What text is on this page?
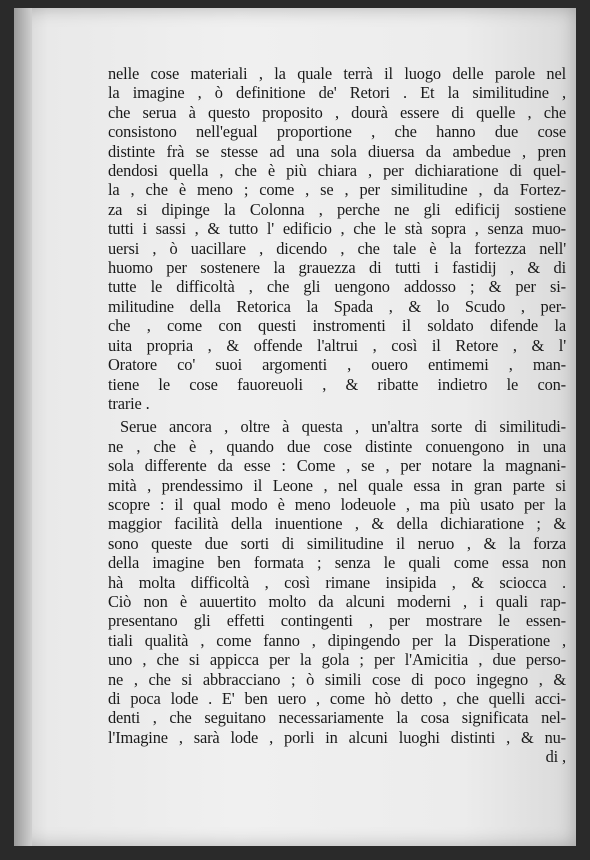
nelle cose materiali , la quale terrà il luogo delle parole nel
la imagine , ò definitione de' Retori . Et la similitudine ,
che serua à questo proposito , dourà essere di quelle , che
consistono nell'egual proportione , che hanno due cose
distinte frà se stesse ad una sola diuersa da ambedue , pren
dendosi quella , che è più chiara , per dichiaratione di quel-
la , che è meno ; come , se , per similitudine , da Fortez-
za si dipinge la Colonna , perche ne gli edificij sostiene
tutti i sassi , & tutto l' edificio , che le stà sopra , senza muo-
uersi , ò uacillare , dicendo , che tale è la fortezza nell'
huomo per sostenere la grauezza di tutti i fastidij , & di
tutte le difficoltà , che gli uengono addosso ; & per si-
militudine della Retorica la Spada , & lo Scudo , per-
che , come con questi instromenti il soldato difende la
uita propria , & offende l'altrui , così il Retore , & l'
Oratore co' suoi argomenti , ouero entimemi , man-
tiene le cose fauoreuoli , & ribatte indietro le con-
trarie .
Serue ancora , oltre à questa , un'altra sorte di similitudi-
ne , che è , quando due cose distinte conuengono in una
sola differente da esse : Come , se , per notare la magnani-
mità , prendessimo il Leone , nel quale essa in gran parte si
scopre : il qual modo è meno lodeuole , ma più usato per la
maggior facilità della inuentione , & della dichiaratione ; &
sono queste due sorti di similitudine il neruo , & la forza
della imagine ben formata ; senza le quali come essa non
hà molta difficoltà , così rimane insipida , & sciocca .
Ciò non è auuertito molto da alcuni moderni , i quali rap-
presentano gli effetti contingenti , per mostrare le essen-
tiali qualità , come fanno , dipingendo per la Disperatione ,
uno , che si appicca per la gola ; per l'Amicitia , due perso-
ne , che si abbracciano ; ò simili cose di poco ingegno , &
di poca lode . E' ben uero , come hò detto , che quelli acci-
denti , che seguitano necessariamente la cosa significata nel-
l'Imagine , sarà lode , porli in alcuni luoghi distinti , & nu-
di ,
